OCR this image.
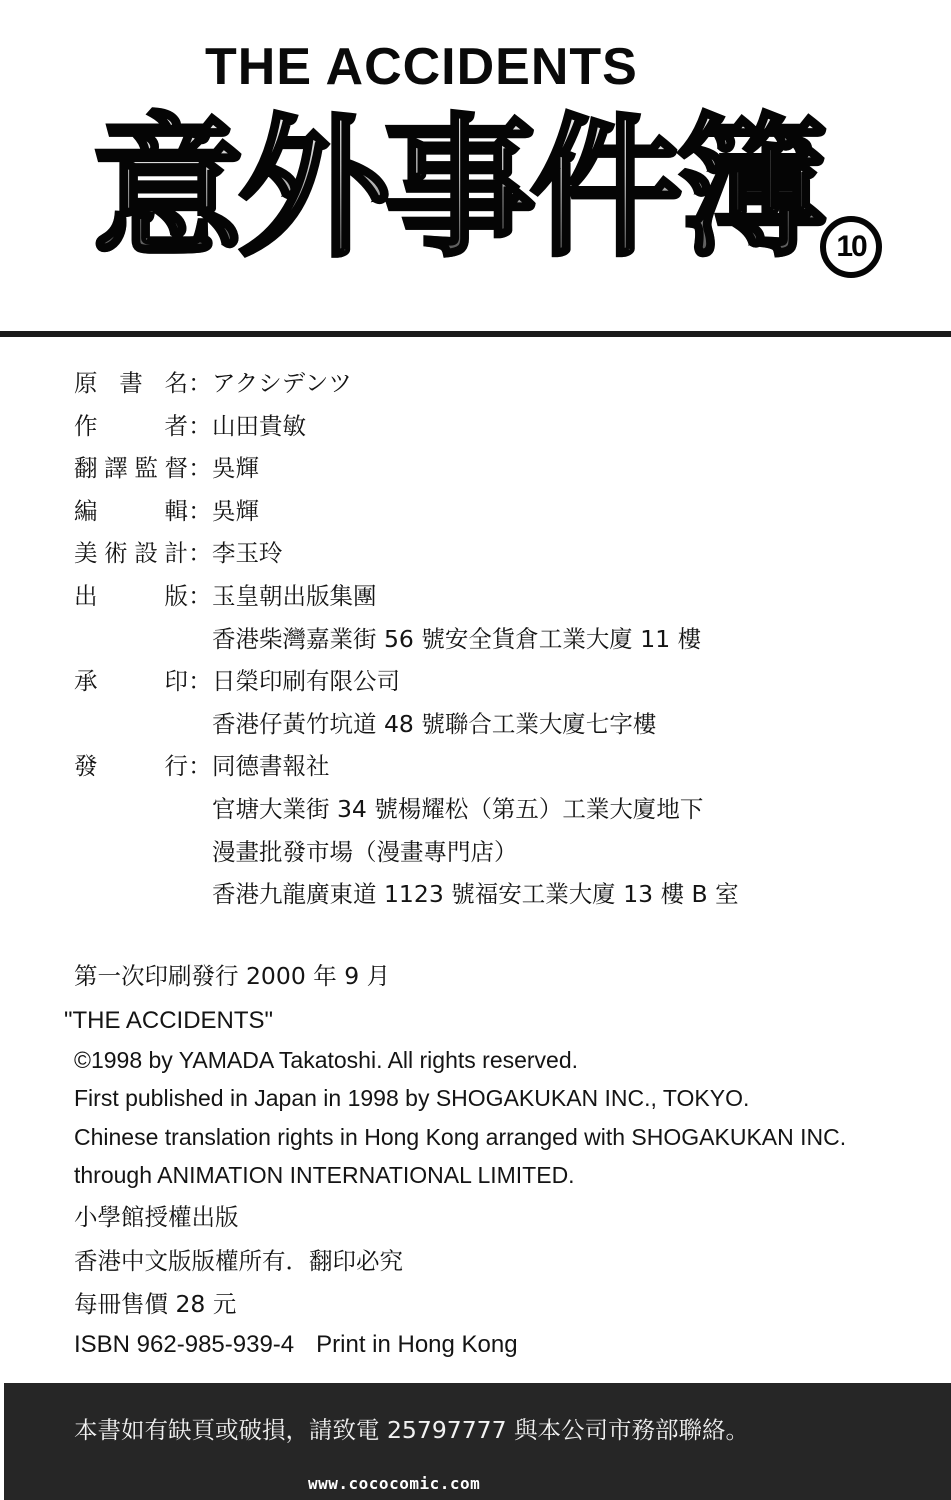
THE ACCIDENTS
意外事件簿 10
原 書 名 ： アクシデンツ
作	者 ： 山田貴敏
翻 譯 監 督 ： 吳輝
編	輯 ： 吳輝
美 術 設 計 ： 李玉玲
出	版 ： 玉皇朝出版集團
香港柴灣嘉業街 56 號安全貨倉工業大廈 11 樓
承	印 ： 日榮印刷有限公司
香港仔黃竹坑道 48 號聯合工業大廈七字樓
發	行 ： 同德書報社
官塘大業街 34 號楊耀松（第五）工業大廈地下
漫畫批發市場（漫畫專門店）
香港九龍廣東道 1123 號福安工業大廈 13 樓 B 室
第一次印刷發行 2000 年 9 月
"THE ACCIDENTS"
©1998 by YAMADA Takatoshi. All rights reserved.
First published in Japan in 1998 by SHOGAKUKAN INC., TOKYO.
Chinese translation rights in Hong Kong arranged with SHOGAKUKAN INC.
through ANIMATION INTERNATIONAL LIMITED.
小學館授權出版
香港中文版版權所有．翻印必究
每冊售價 28 元
ISBN 962-985-939-4 Print in Hong Kong
本書如有缺頁或破損，請致電 25797777 與本公司市務部聯絡。
www.cococomic.com
